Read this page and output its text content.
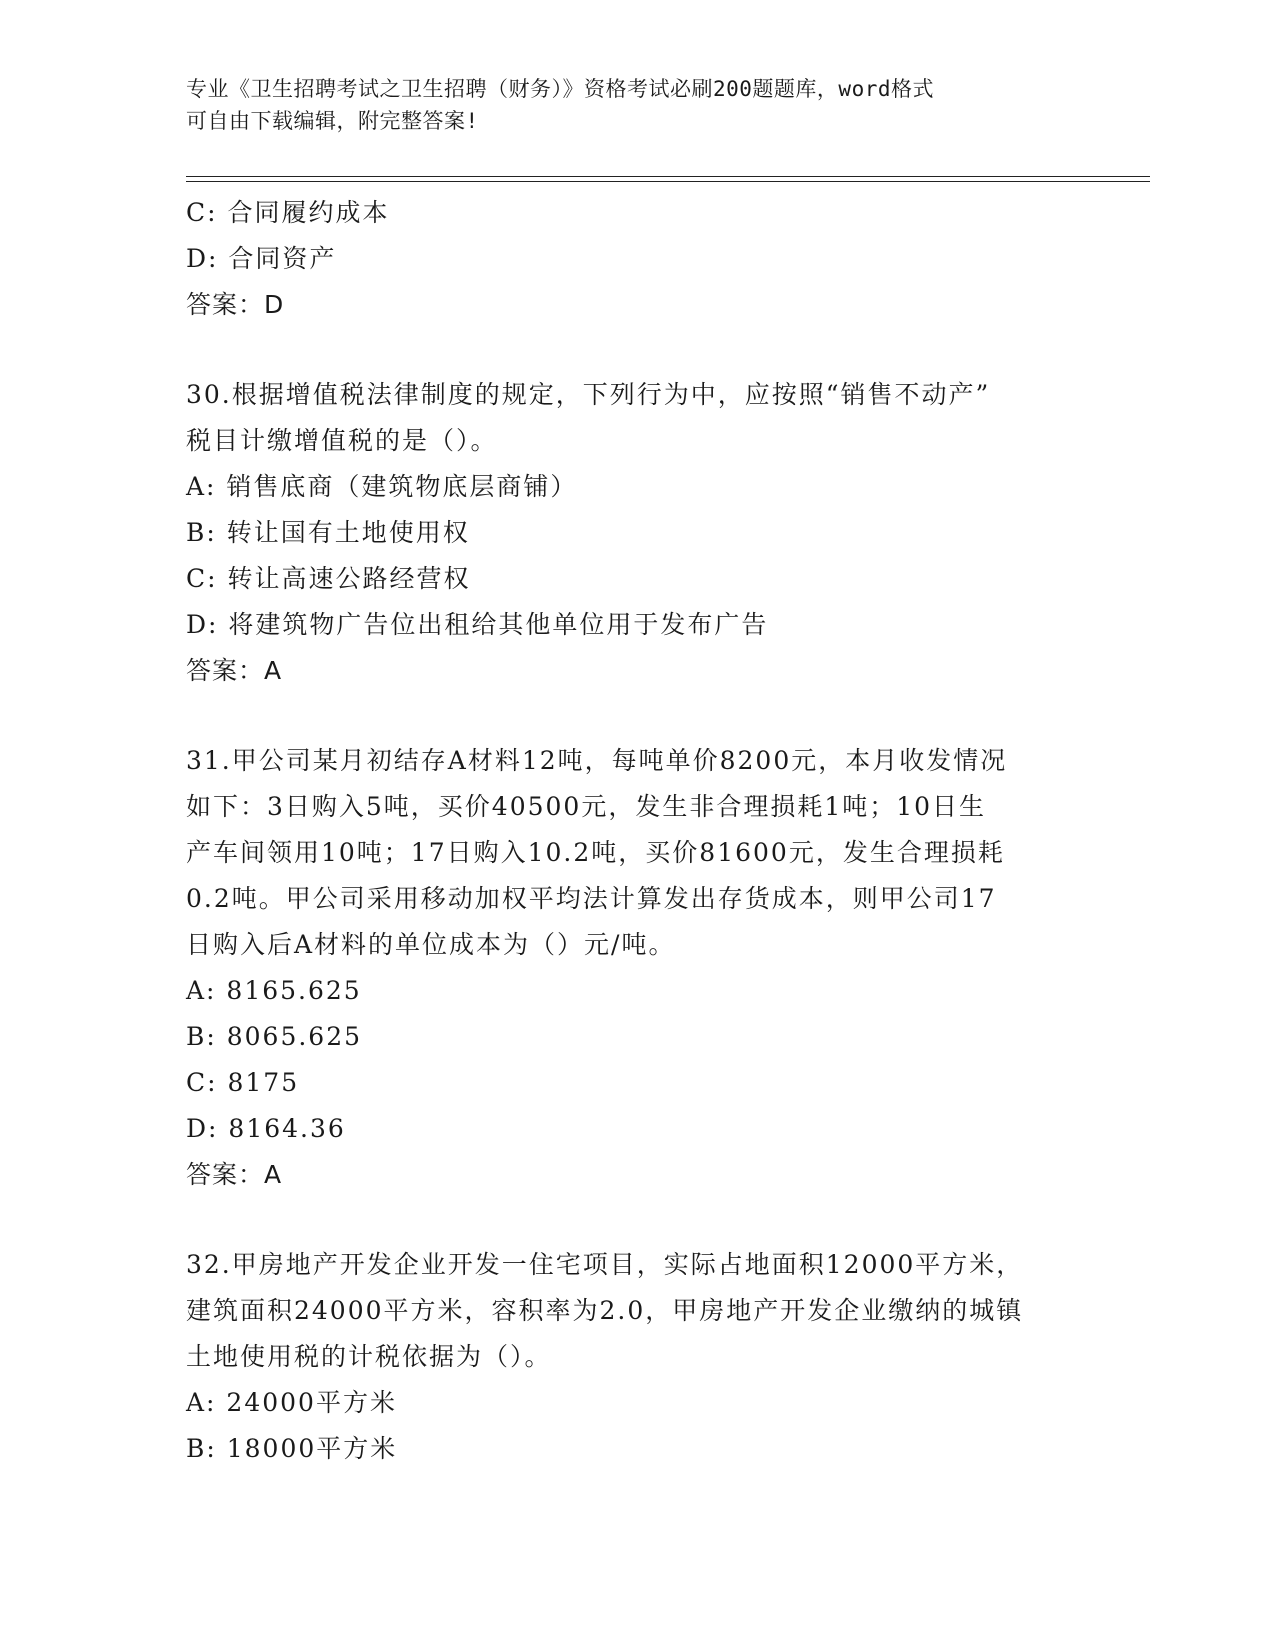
专业《卫生招聘考试之卫生招聘（财务）》资格考试必刷200题题库，word格式
可自由下载编辑，附完整答案!
C: 合同履约成本
D: 合同资产
答案：D
30.根据增值税法律制度的规定，下列行为中，应按照“销售不动产”
税目计缴增值税的是（）。
A: 销售底商（建筑物底层商铺）
B: 转让国有土地使用权
C: 转让高速公路经营权
D: 将建筑物广告位出租给其他单位用于发布广告
答案：A
31.甲公司某月初结存A材料12吨，每吨单价8200元，本月收发情况
如下：3日购入5吨，买价40500元，发生非合理损耗1吨；10日生
产车间领用10吨；17日购入10.2吨，买价81600元，发生合理损耗
0.2吨。甲公司采用移动加权平均法计算发出存货成本，则甲公司17
日购入后A材料的单位成本为（）元/吨。
A: 8165.625
B: 8065.625
C: 8175
D: 8164.36
答案：A
32.甲房地产开发企业开发一住宅项目，实际占地面积12000平方米，
建筑面积24000平方米，容积率为2.0，甲房地产开发企业缴纳的城镇
土地使用税的计税依据为（）。
A: 24000平方米
B: 18000平方米
